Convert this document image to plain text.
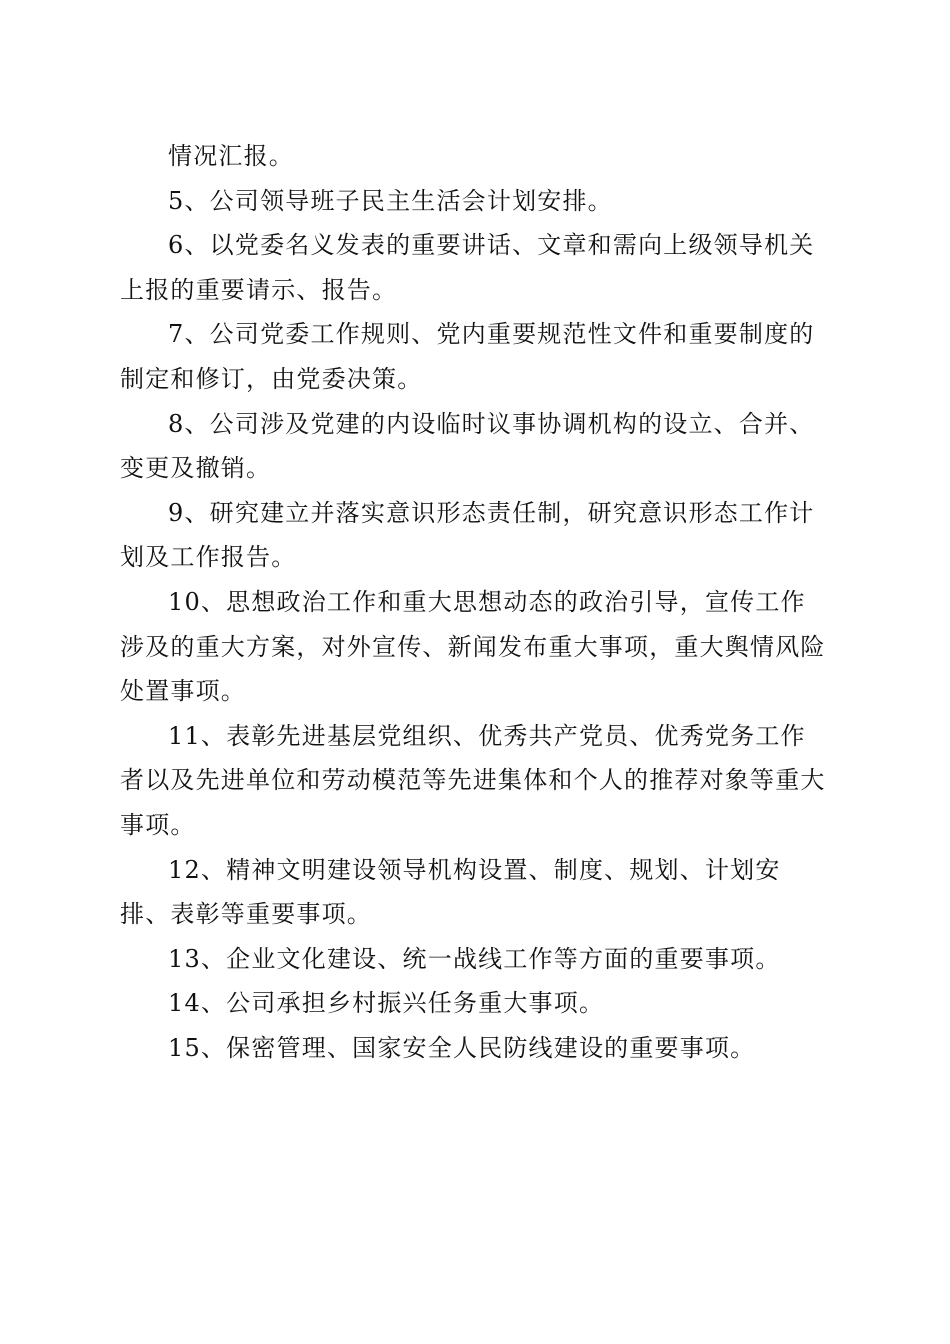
情况汇报。

5、公司领导班子民主生活会计划安排。

6、以党委名义发表的重要讲话、文章和需向上级领导机关上报的重要请示、报告。

7、公司党委工作规则、党内重要规范性文件和重要制度的制定和修订，由党委决策。

8、公司涉及党建的内设临时议事协调机构的设立、合并、变更及撤销。

9、研究建立并落实意识形态责任制，研究意识形态工作计划及工作报告。

10、思想政治工作和重大思想动态的政治引导，宣传工作涉及的重大方案，对外宣传、新闻发布重大事项，重大舆情风险处置事项。

11、表彰先进基层党组织、优秀共产党员、优秀党务工作者以及先进单位和劳动模范等先进集体和个人的推荐对象等重大事项。

12、精神文明建设领导机构设置、制度、规划、计划安排、表彰等重要事项。

13、企业文化建设、统一战线工作等方面的重要事项。

14、公司承担乡村振兴任务重大事项。

15、保密管理、国家安全人民防线建设的重要事项。
